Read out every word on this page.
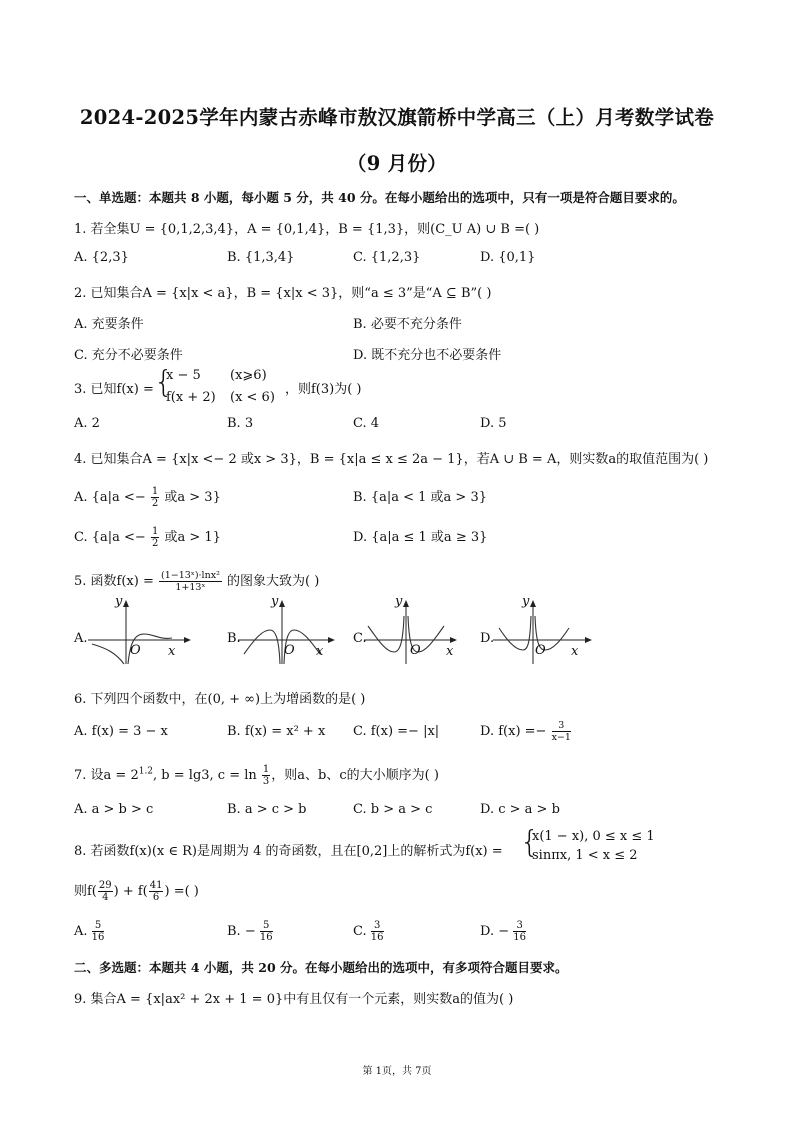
2024-2025学年内蒙古赤峰市敖汉旗箭桥中学高三（上）月考数学试卷
（9 月份）
一、单选题：本题共 8 小题，每小题 5 分，共 40 分。在每小题给出的选项中，只有一项是符合题目要求的。
1. 若全集U = {0,1,2,3,4}，A = {0,1,4}，B = {1,3}，则(C_U A) ∪ B =( )
A. {2,3}	B. {1,3,4}	C. {1,2,3}	D. {0,1}
2. 已知集合A = {x|x < a}，B = {x|x < 3}，则“a ≤ 3”是“A ⊆ B”( )
A. 充要条件	B. 必要不充分条件
C. 充分不必要条件	D. 既不充分也不必要条件
3. 已知f(x) = {
x − 5 (x⩾6)
f(x + 2) (x < 6)
，则f(3)为( )
A. 2	B. 3	C. 4	D. 5
4. 已知集合A = {x|x <− 2 或x > 3}，B = {x|a ≤ x ≤ 2a − 1}，若A ∪ B = A，则实数a的取值范围为( )
A. {$a|a <- \frac{1}{2}$ 或a > 3}	B. {a|a < 1 或a > 3}
C. {$a|a <- \frac{1}{2}$ 或a > 1}	D. {a|a ≤ 1 或a ≥ 3}
5. 函数$f(x) = \frac{\text{(1−13ˣ)·lnx²}}{\text{1+13ˣ}}$ 的图象大致为( )
A.	B.	C.	D.
y
x
O
y
x
O
y
x
O
y
x
O
6. 下列四个函数中，在(0, + ∞)上为增函数的是( )
A. f(x) = 3 − x	B. f(x) = x² + x C. f(x) =− |x|	D. $f(x) =- \frac{3}{x-1}$
7. 设$a = 2^{1.2}$, b = lg3, $c = \ln \frac{1}{3}$ ，则a、b、c的大小顺序为( )
A. a > b > c	B. a > c > b	C. b > a > c	D. c > a > b
8. 若函数f(x)(x ∈ R)是周期为 4 的奇函数，且在[0,2]上的解析式为f(x) = {
x(1 − x), 0 ≤ x ≤ 1
sinπx, 1 < x ≤ 2
则$f( \frac{29}{4}$ ) + $f( \frac{41}{6}$ ) =( )
A. $\frac{5}{16}$	B. − $\frac{5}{16}$	C. $\frac{3}{16}$	D. − $\frac{3}{16}$
二、多选题：本题共 4 小题，共 20 分。在每小题给出的选项中，有多项符合题目要求。
9. 集合A = {x|ax² + 2x + 1 = 0}中有且仅有一个元素，则实数a的值为( )
第 1页，共 7页
